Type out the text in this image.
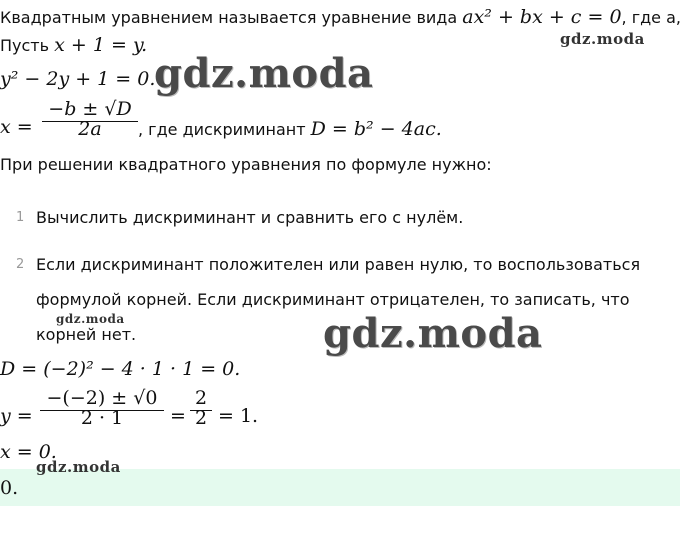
Квадратным уравнением называется уравнение вида ax² + bx + c = 0, где a,
Пусть x + 1 = y.
y² − 2y + 1 = 0.
x =
−b ± √D
2a	, где дискриминант D = b² − 4ac.
При решении квадратного уравнения по формуле нужно:
1 Вычислить дискриминант и сравнить его с нулём.
2 Если дискриминант положителен или равен нулю, то воспользоваться
формулой корней. Если дискриминант отрицателен, то записать, что
корней нет.
D = (−2)² − 4 · 1 · 1 = 0.
y =
−(−2) ± √0
2 · 1	=
2
2 = 1.
x = 0.
0.
gdz.moda
gdz.moda
gdz.moda	gdz.moda
gdz.moda
